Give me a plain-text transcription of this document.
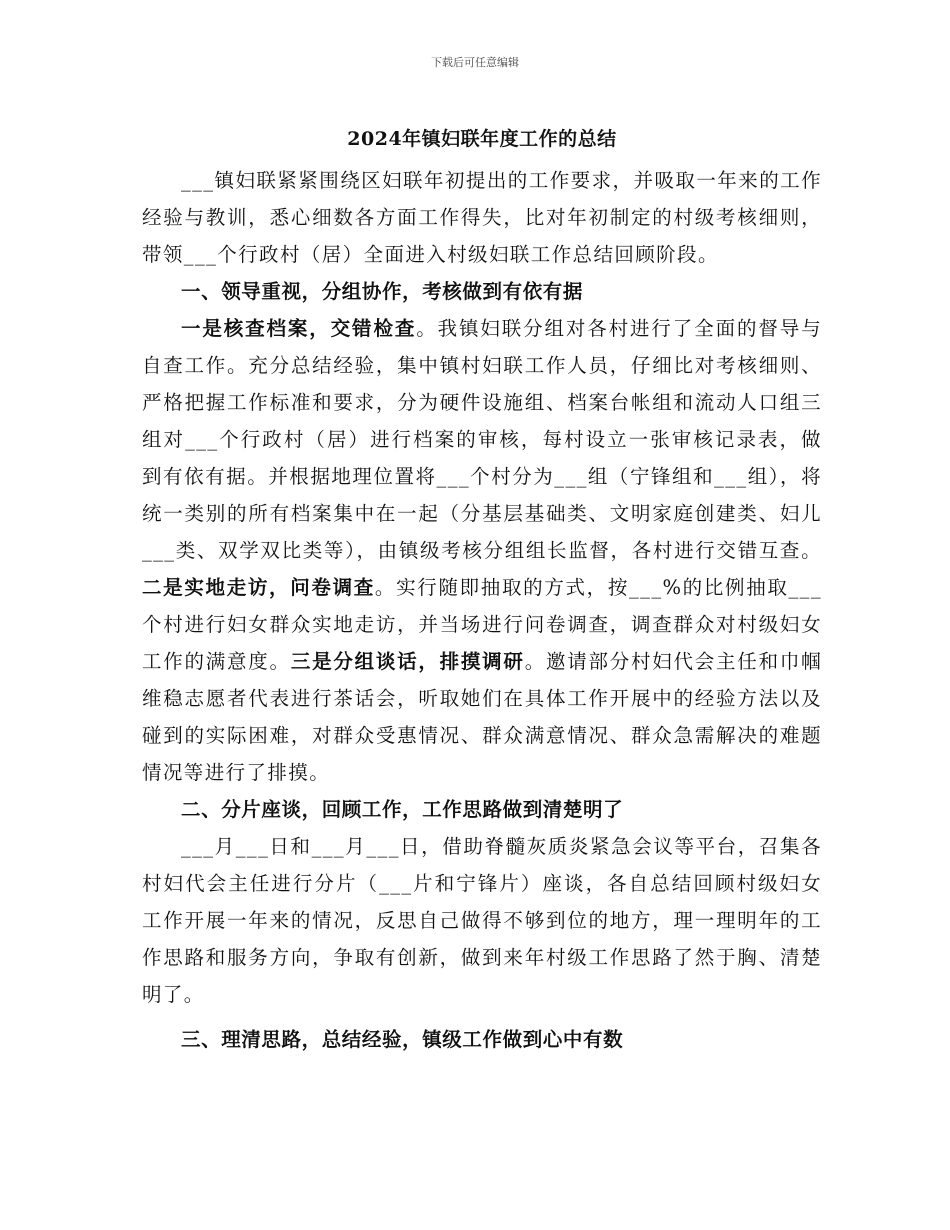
下载后可任意编辑
2024年镇妇联年度工作的总结

___镇妇联紧紧围绕区妇联年初提出的工作要求，并吸取一年来的工作经验与教训，悉心细数各方面工作得失，比对年初制定的村级考核细则，带领___个行政村（居）全面进入村级妇联工作总结回顾阶段。

一、领导重视，分组协作，考核做到有依有据

一是核查档案，交错检查。我镇妇联分组对各村进行了全面的督导与自查工作。充分总结经验，集中镇村妇联工作人员，仔细比对考核细则、严格把握工作标准和要求，分为硬件设施组、档案台帐组和流动人口组三组对___个行政村（居）进行档案的审核，每村设立一张审核记录表，做到有依有据。并根据地理位置将___个村分为___组（宁锋组和___组），将统一类别的所有档案集中在一起（分基层基础类、文明家庭创建类、妇儿___类、双学双比类等），由镇级考核分组组长监督，各村进行交错互查。二是实地走访，问卷调查。实行随即抽取的方式，按___%的比例抽取___个村进行妇女群众实地走访，并当场进行问卷调查，调查群众对村级妇女工作的满意度。三是分组谈话，排摸调研。邀请部分村妇代会主任和巾帼维稳志愿者代表进行茶话会，听取她们在具体工作开展中的经验方法以及碰到的实际困难，对群众受惠情况、群众满意情况、群众急需解决的难题情况等进行了排摸。

二、分片座谈，回顾工作，工作思路做到清楚明了

___月___日和___月___日，借助脊髓灰质炎紧急会议等平台，召集各村妇代会主任进行分片（___片和宁锋片）座谈，各自总结回顾村级妇女工作开展一年来的情况，反思自己做得不够到位的地方，理一理明年的工作思路和服务方向，争取有创新，做到来年村级工作思路了然于胸、清楚明了。

三、理清思路，总结经验，镇级工作做到心中有数
